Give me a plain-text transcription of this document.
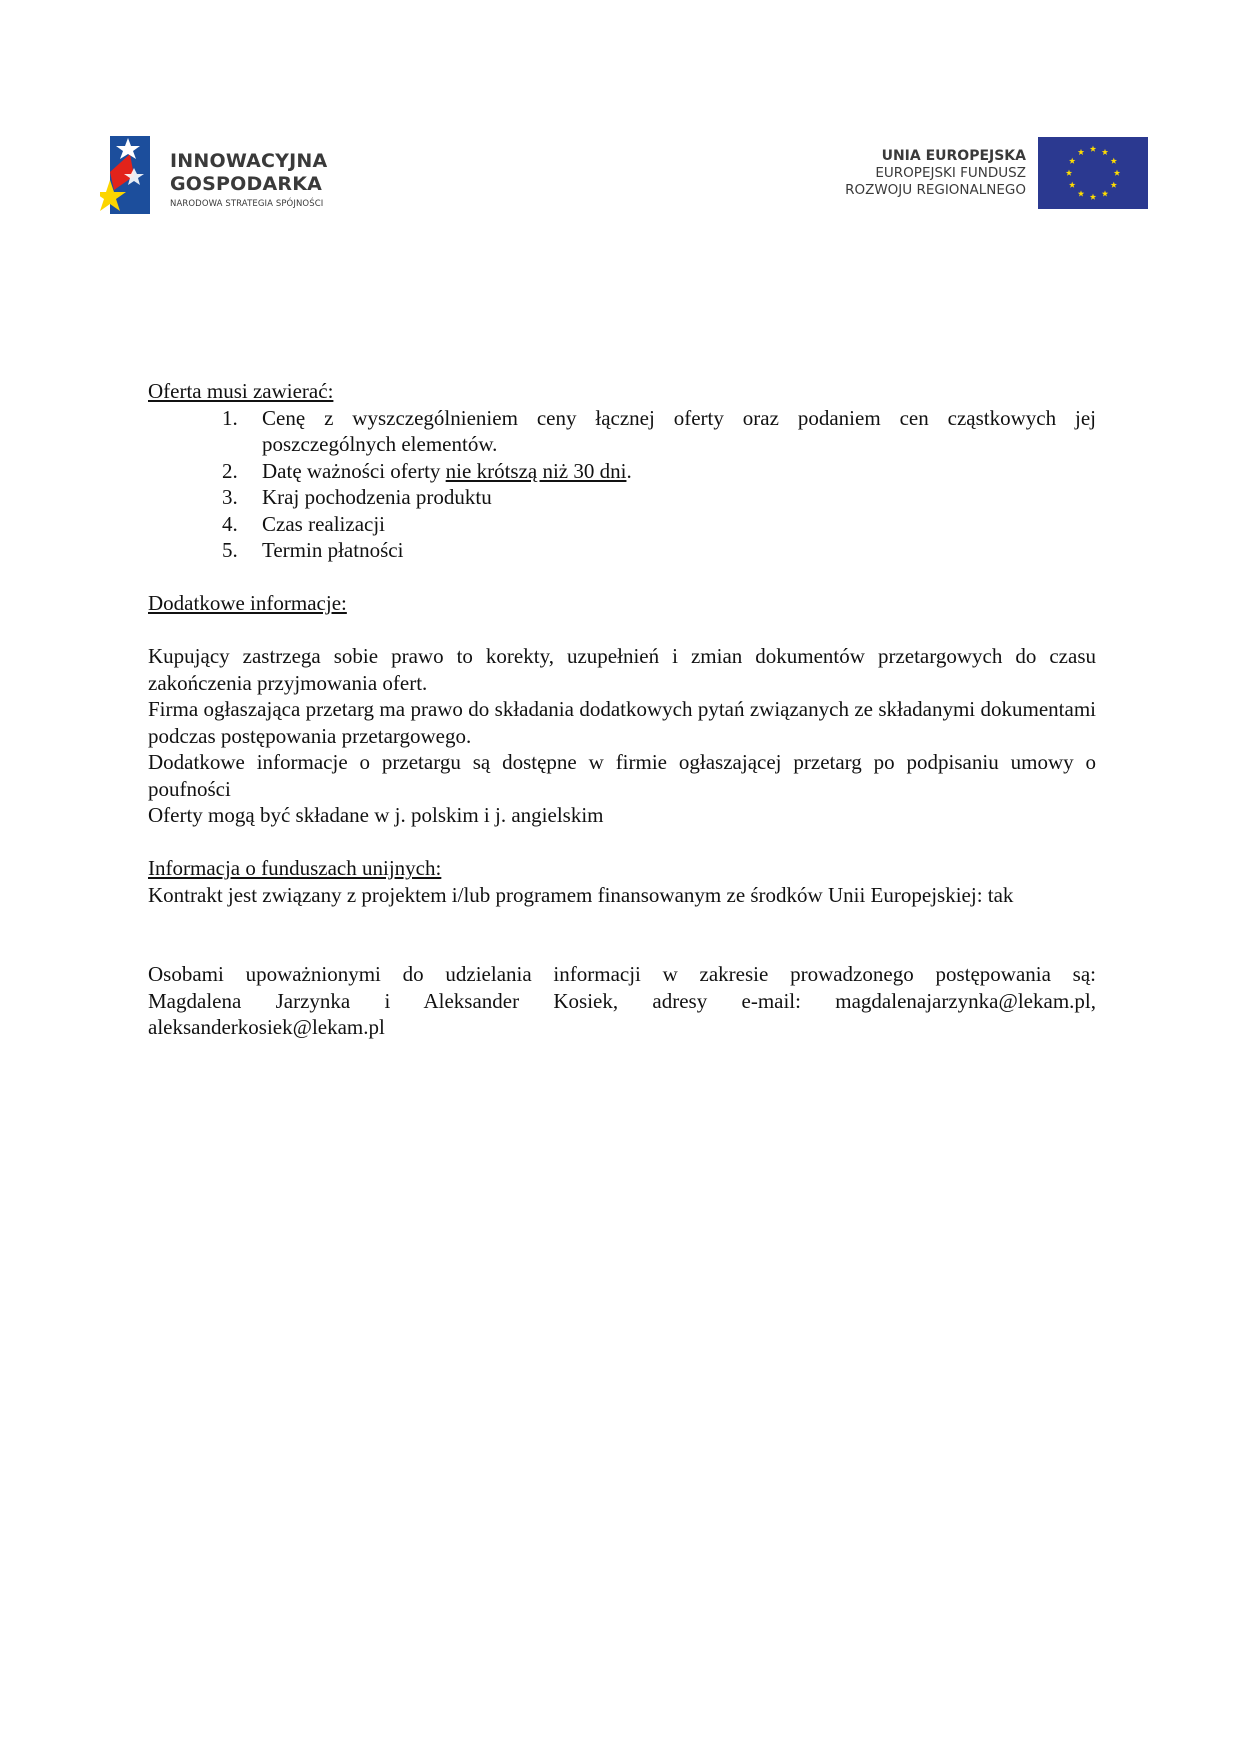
INNOWACYJNA
GOSPODARKA
NARODOWA STRATEGIA SPÓJNOŚCI
UNIA EUROPEJSKA
EUROPEJSKI FUNDUSZ
ROZWOJU REGIONALNEGO
Oferta musi zawierać:
1. Cenę z wyszczególnieniem ceny łącznej oferty oraz podaniem cen cząstkowych jej poszczególnych elementów.
2. Datę ważności oferty nie krótszą niż 30 dni.
3. Kraj pochodzenia produktu
4. Czas realizacji
5. Termin płatności
Dodatkowe informacje:

Kupujący zastrzega sobie prawo to korekty, uzupełnień i zmian dokumentów przetargowych do czasu zakończenia przyjmowania ofert.

Firma ogłaszająca przetarg ma prawo do składania dodatkowych pytań związanych ze składanymi dokumentami podczas postępowania przetargowego.

Dodatkowe informacje o przetargu są dostępne w firmie ogłaszającej przetarg po podpisaniu umowy o poufności

Oferty mogą być składane w j. polskim i j. angielskim

Informacja o funduszach unijnych:

Kontrakt jest związany z projektem i/lub programem finansowanym ze środków Unii Europejskiej: tak

Osobami upoważnionymi do udzielania informacji w zakresie prowadzonego postępowania są:

Magdalena Jarzynka i Aleksander Kosiek, adresy e-mail: magdalenajarzynka@lekam.pl,

aleksanderkosiek@lekam.pl
